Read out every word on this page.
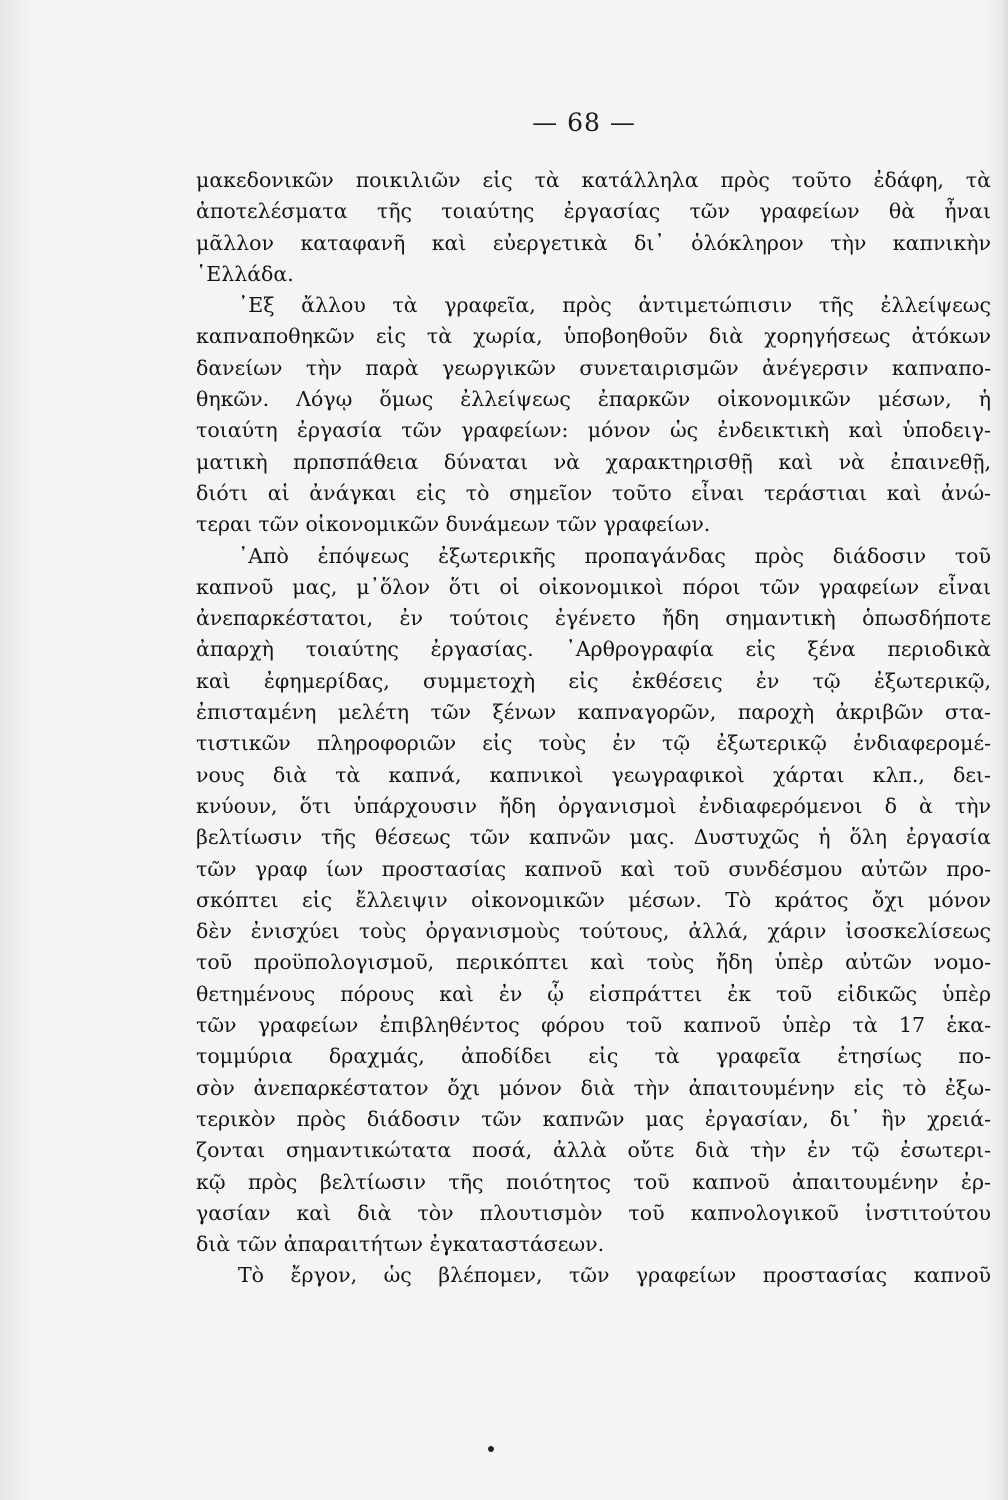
— 68 —
μακεδονικῶν ποικιλιῶν εἰς τὰ κατάλληλα πρὸς τοῦτο ἐδάφη, τὰ
ἀποτελέσματα τῆς τοιαύτης ἐργασίας τῶν γραφείων θὰ ἦναι
μᾶλλον καταφανῆ καὶ εὐεργετικὰ δι᾽ ὁλόκληρον τὴν καπνικὴν
῾Ελλάδα.
᾽Εξ ἄλλου τὰ γραφεῖα, πρὸς ἀντιμετώπισιν τῆς ἐλλείψεως
καπναποθηκῶν εἰς τὰ χωρία, ὑποβοηθοῦν διὰ χορηγήσεως ἀτόκων
δανείων τὴν παρὰ γεωργικῶν συνεταιρισμῶν ἀνέγερσιν καπναπο-
θηκῶν. Λόγῳ ὅμως ἐλλείψεως ἐπαρκῶν οἰκονομικῶν μέσων, ἡ
τοιαύτη ἐργασία τῶν γραφείων: μόνον ὡς ἐνδεικτικὴ καὶ ὑποδειγ-
ματικὴ πρπσπάθεια δύναται νὰ χαρακτηρισθῇ καὶ νὰ ἐπαινεθῇ,
διότι αἱ ἀνάγκαι εἰς τὸ σημεῖον τοῦτο εἶναι τεράστιαι καὶ ἀνώ-
τεραι τῶν οἰκονομικῶν δυνάμεων τῶν γραφείων.
᾽Απὸ ἐπόψεως ἐξωτερικῆς προπαγάνδας πρὸς διάδοσιν τοῦ
καπνοῦ μας, μ᾽ὅλον ὅτι οἱ οἰκονομικοὶ πόροι τῶν γραφείων εἶναι
ἀνεπαρκέστατοι, ἐν τούτοις ἐγένετο ἤδη σημαντικὴ ὁπωσδήποτε
ἀπαρχὴ τοιαύτης ἐργασίας. ᾽Αρθρογραφία εἰς ξένα περιοδικὰ
καὶ ἐφημερίδας, συμμετοχὴ εἰς ἐκθέσεις ἐν τῷ ἐξωτερικῷ,
ἐπισταμένη μελέτη τῶν ξένων καπναγορῶν, παροχὴ ἀκριβῶν στα-
τιστικῶν πληροφοριῶν εἰς τοὺς ἐν τῷ ἐξωτερικῷ ἐνδιαφερομέ-
νους διὰ τὰ καπνά, καπνικοὶ γεωγραφικοὶ χάρται κλπ., δει-
κνύουν, ὅτι ὑπάρχουσιν ἤδη ὀργανισμοὶ ἐνδιαφερόμενοι δ ὰ τὴν
βελτίωσιν τῆς θέσεως τῶν καπνῶν μας. Δυστυχῶς ἡ ὅλη ἐργασία
τῶν γραφ ίων προστασίας καπνοῦ καὶ τοῦ συνδέσμου αὐτῶν προ-
σκόπτει εἰς ἔλλειψιν οἰκονομικῶν μέσων. Τὸ κράτος ὄχι μόνον
δὲν ἐνισχύει τοὺς ὀργανισμοὺς τούτους, ἀλλά, χάριν ἰσοσκελίσεως
τοῦ προϋπολογισμοῦ, περικόπτει καὶ τοὺς ἤδη ὑπὲρ αὐτῶν νομο-
θετημένους πόρους καὶ ἐν ᾧ εἰσπράττει ἐκ τοῦ εἰδικῶς ὑπὲρ
τῶν γραφείων ἐπιβληθέντος φόρου τοῦ καπνοῦ ὑπὲρ τὰ 17 ἑκα-
τομμύρια δραχμάς, ἀποδίδει εἰς τὰ γραφεῖα ἐτησίως πο-
σὸν ἀνεπαρκέστατον ὄχι μόνον διὰ τὴν ἀπαιτουμένην εἰς τὸ ἐξω-
τερικὸν πρὸς διάδοσιν τῶν καπνῶν μας ἐργασίαν, δι᾽ ἣν χρειά-
ζονται σημαντικώτατα ποσά, ἀλλὰ οὔτε διὰ τὴν ἐν τῷ ἐσωτερι-
κῷ πρὸς βελτίωσιν τῆς ποιότητος τοῦ καπνοῦ ἀπαιτουμένην ἐρ-
γασίαν καὶ διὰ τὸν πλουτισμὸν τοῦ καπνολογικοῦ ἰνστιτούτου
διὰ τῶν ἀπαραιτήτων ἐγκαταστάσεων.
Τὸ ἔργον, ὡς βλέπομεν, τῶν γραφείων προστασίας καπνοῦ
